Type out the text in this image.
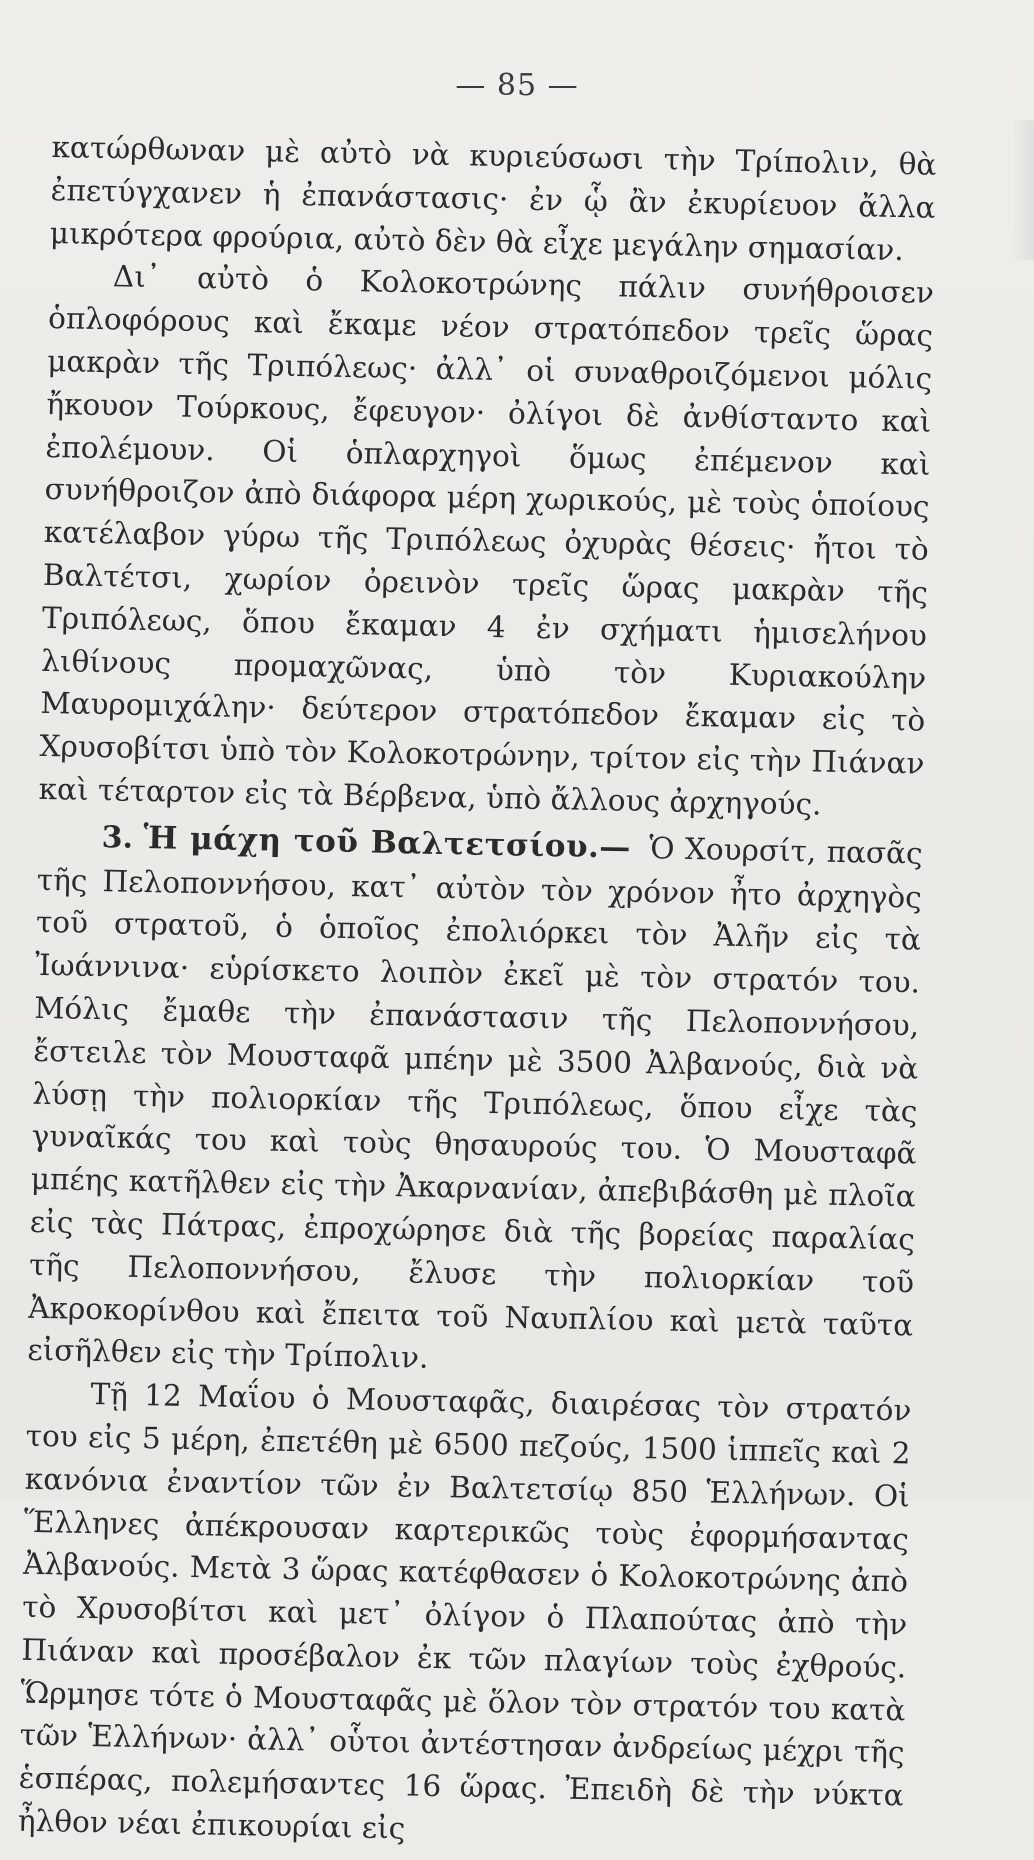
— 85 —

κατώρθωναν μὲ αὐτὸ νὰ κυριεύσωσι τὴν Τρίπολιν, θὰ ἐπετύγχανεν ἡ ἐπανάστασις· ἐν ᾧ ἂν ἐκυρίευον ἄλλα μικρότερα φρούρια, αὐτὸ δὲν θὰ εἶχε μεγάλην σημασίαν.

Δι᾽ αὐτὸ ὁ Κολοκοτρώνης πάλιν συνήθροισεν ὁπλοφόρους καὶ ἔκαμε νέον στρατόπεδον τρεῖς ὥρας μακρὰν τῆς Τριπόλεως· ἀλλ᾽ οἱ συναθροιζόμενοι μόλις ἤκουον Τούρκους, ἔφευγον· ὀλίγοι δὲ ἀνθίσταντο καὶ ἐπολέμουν. Οἱ ὁπλαρχηγοὶ ὅμως ἐπέμενον καὶ συνήθροιζον ἀπὸ διάφορα μέρη χωρικούς, μὲ τοὺς ὁποίους κατέλαβον γύρω τῆς Τριπόλεως ὀχυρὰς θέσεις· ἤτοι τὸ Βαλτέτσι, χωρίον ὀρεινὸν τρεῖς ὥρας μακρὰν τῆς Τριπόλεως, ὅπου ἔκαμαν 4 ἐν σχήματι ἡμισελήνου λιθίνους προμαχῶνας, ὑπὸ τὸν Κυριακούλην Μαυρομιχάλην· δεύτερον στρατόπεδον ἔκαμαν εἰς τὸ Χρυσοβίτσι ὑπὸ τὸν Κολοκοτρώνην, τρίτον εἰς τὴν Πιάναν καὶ τέταρτον εἰς τὰ Βέρβενα, ὑπὸ ἄλλους ἀρχηγούς.

3. Ἡ μάχη τοῦ Βαλτετσίου.— Ὁ Χουρσίτ, πασᾶς τῆς Πελοποννήσου, κατ᾽ αὐτὸν τὸν χρόνον ἦτο ἀρχηγὸς τοῦ στρατοῦ, ὁ ὁποῖος ἐπολιόρκει τὸν Ἀλῆν εἰς τὰ Ἰωάννινα· εὑρίσκετο λοιπὸν ἐκεῖ μὲ τὸν στρατόν του. Μόλις ἔμαθε τὴν ἐπανάστασιν τῆς Πελοποννήσου, ἔστειλε τὸν Μουσταφᾶ μπέην μὲ 3500 Ἀλβανούς, διὰ νὰ λύσῃ τὴν πολιορκίαν τῆς Τριπόλεως, ὅπου εἶχε τὰς γυναῖκάς του καὶ τοὺς θησαυρούς του. Ὁ Μουσταφᾶ μπέης κατῆλθεν εἰς τὴν Ἀκαρνανίαν, ἀπεβιβάσθη μὲ πλοῖα εἰς τὰς Πάτρας, ἐπροχώρησε διὰ τῆς βορείας παραλίας τῆς Πελοποννήσου, ἔλυσε τὴν πολιορκίαν τοῦ Ἀκροκορίνθου καὶ ἔπειτα τοῦ Ναυπλίου καὶ μετὰ ταῦτα εἰσῆλθεν εἰς τὴν Τρίπολιν.

Τῇ 12 Μαΐου ὁ Μουσταφᾶς, διαιρέσας τὸν στρατόν του εἰς 5 μέρη, ἐπετέθη μὲ 6500 πεζούς, 1500 ἱππεῖς καὶ 2 κανόνια ἐναντίον τῶν ἐν Βαλτετσίῳ 850 Ἑλλήνων. Οἱ Ἕλληνες ἀπέκρουσαν καρτερικῶς τοὺς ἐφορμήσαντας Ἀλβανούς. Μετὰ 3 ὥρας κατέφθασεν ὁ Κολοκοτρώνης ἀπὸ τὸ Χρυσοβίτσι καὶ μετ᾽ ὀλίγον ὁ Πλαπούτας ἀπὸ τὴν Πιάναν καὶ προσέβαλον ἐκ τῶν πλαγίων τοὺς ἐχθρούς. Ὥρμησε τότε ὁ Μουσταφᾶς μὲ ὅλον τὸν στρατόν του κατὰ τῶν Ἑλλήνων· ἀλλ᾽ οὗτοι ἀντέστησαν ἀνδρείως μέχρι τῆς ἑσπέρας, πολεμήσαντες 16 ὥρας. Ἐπειδὴ δὲ τὴν νύκτα ἦλθον νέαι ἐπικουρίαι εἰς
